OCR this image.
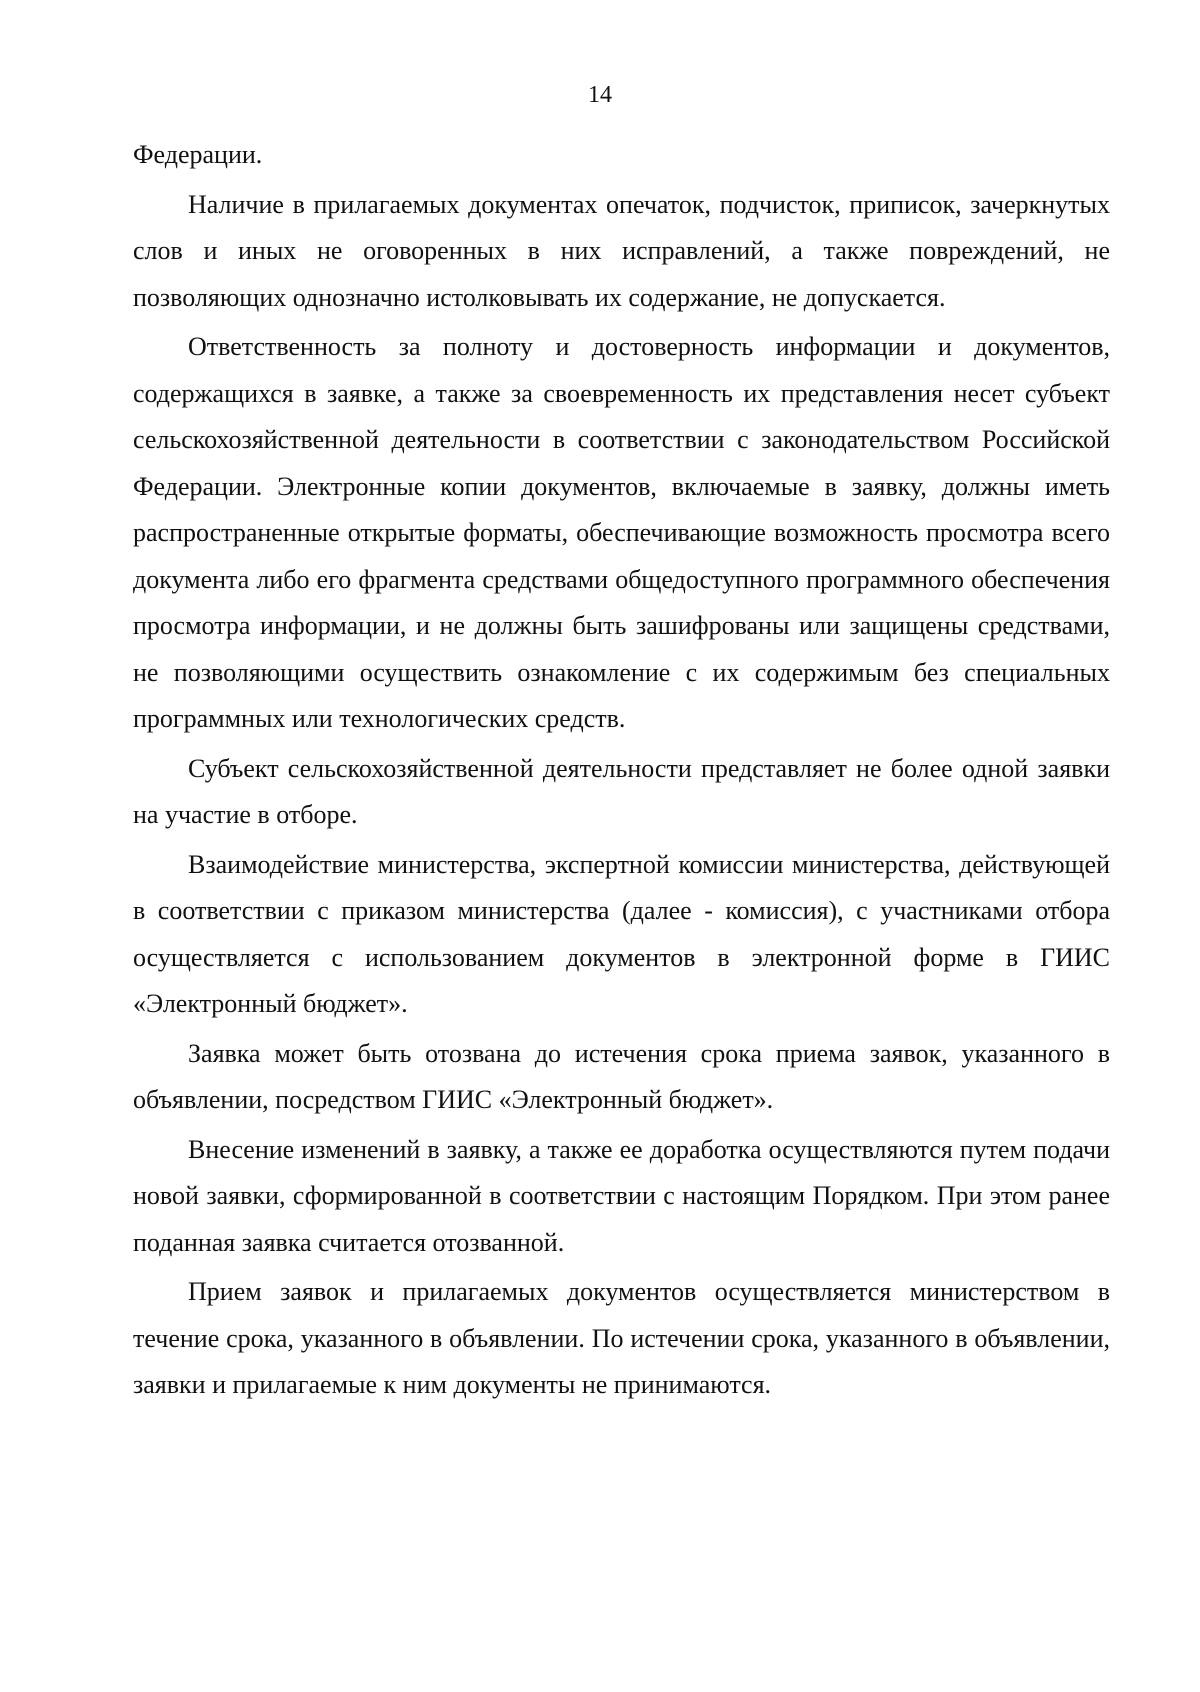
14

Федерации.

Наличие в прилагаемых документах опечаток, подчисток, приписок, зачеркнутых слов и иных не оговоренных в них исправлений, а также повреждений, не позволяющих однозначно истолковывать их содержание, не допускается.

Ответственность за полноту и достоверность информации и документов, содержащихся в заявке, а также за своевременность их представления несет субъект сельскохозяйственной деятельности в соответствии с законодательством Российской Федерации. Электронные копии документов, включаемые в заявку, должны иметь распространенные открытые форматы, обеспечивающие возможность просмотра всего документа либо его фрагмента средствами общедоступного программного обеспечения просмотра информации, и не должны быть зашифрованы или защищены средствами, не позволяющими осуществить ознакомление с их содержимым без специальных программных или технологических средств.

Субъект сельскохозяйственной деятельности представляет не более одной заявки на участие в отборе.

Взаимодействие министерства, экспертной комиссии министерства, действующей в соответствии с приказом министерства (далее - комиссия), с участниками отбора осуществляется с использованием документов в электронной форме в ГИИС «Электронный бюджет».

Заявка может быть отозвана до истечения срока приема заявок, указанного в объявлении, посредством ГИИС «Электронный бюджет».

Внесение изменений в заявку, а также ее доработка осуществляются путем подачи новой заявки, сформированной в соответствии с настоящим Порядком. При этом ранее поданная заявка считается отозванной.

Прием заявок и прилагаемых документов осуществляется министерством в течение срока, указанного в объявлении. По истечении срока, указанного в объявлении, заявки и прилагаемые к ним документы не принимаются.
